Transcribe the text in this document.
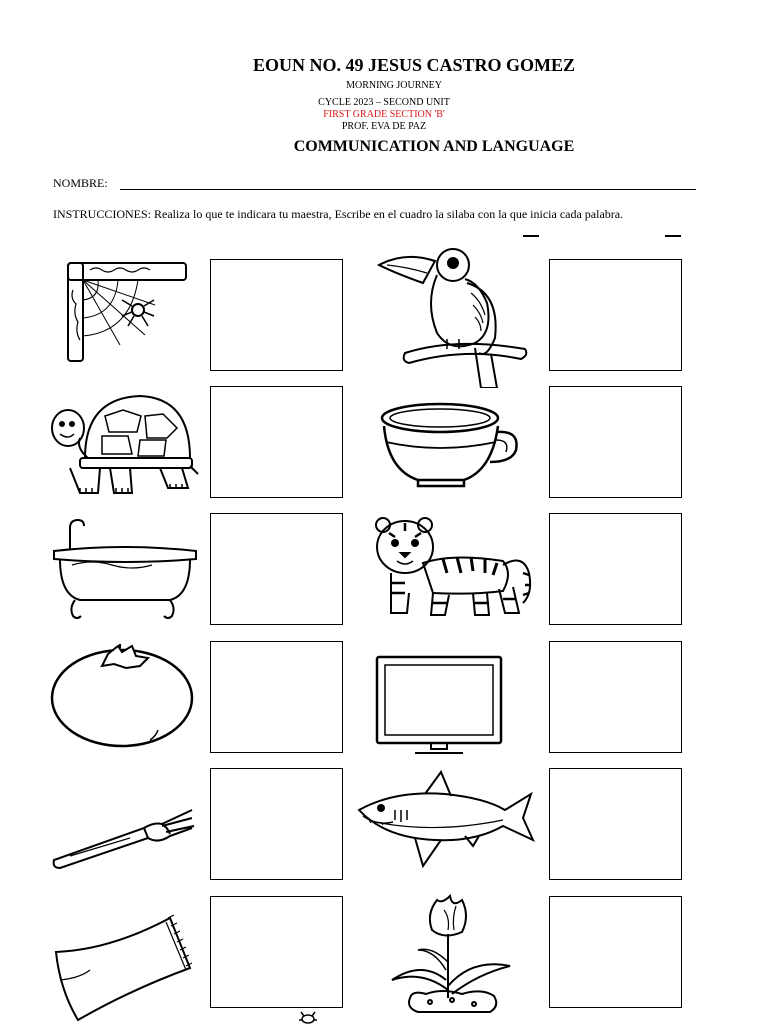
EOUN NO. 49 JESUS CASTRO GOMEZ
MORNING JOURNEY
CYCLE 2023 – SECOND UNIT
FIRST GRADE SECTION 'B'
PROF. EVA DE PAZ
COMMUNICATION AND LANGUAGE
NOMBRE:
INSTRUCCIONES: Realiza lo que te indicara tu maestra, Escribe en el cuadro la silaba con la que inicia cada palabra.
